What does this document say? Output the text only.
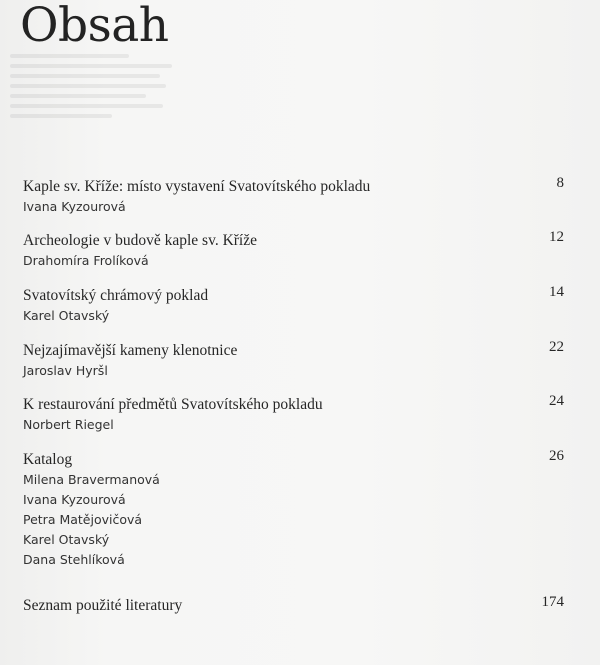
Obsah
Kaple sv. Kříže: místo vystavení Svatovítského pokladu	8
Ivana Kyzourová
Archeologie v budově kaple sv. Kříže	12
Drahomíra Frolíková
Svatovítský chrámový poklad	14
Karel Otavský
Nejzajímavější kameny klenotnice	22
Jaroslav Hyršl
K restaurování předmětů Svatovítského pokladu	24
Norbert Riegel
Katalog	26
Milena Bravermanová
Ivana Kyzourová
Petra Matějovičová
Karel Otavský
Dana Stehlíková
Seznam použité literatury	174
